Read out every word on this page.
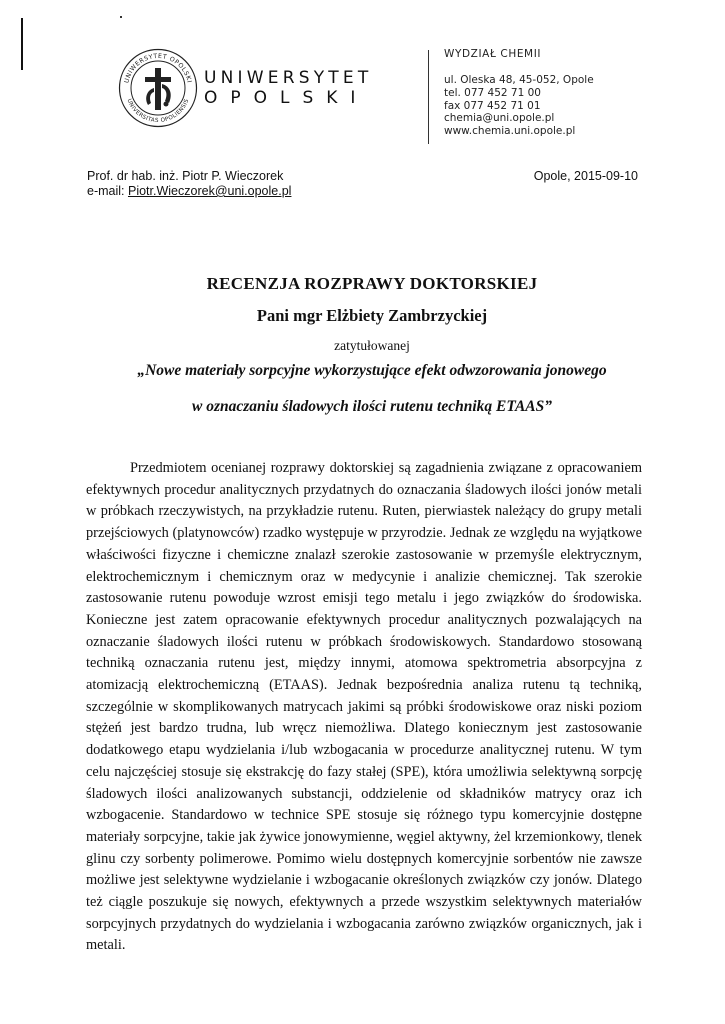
UNIWERSYTET OPOLSKI
UNIVERSITAS OPOLIENSIS
UNIWERSYTET
OPOLSKI
WYDZIAŁ CHEMII
ul. Oleska 48, 45-052, Opole
tel. 077 452 71 00
fax 077 452 71 01
chemia@uni.opole.pl
www.chemia.uni.opole.pl
Prof. dr hab. inż. Piotr P. Wieczorek
e-mail: Piotr.Wieczorek@uni.opole.pl
Opole, 2015-09-10
RECENZJA ROZPRAWY DOKTORSKIEJ
Pani mgr Elżbiety Zambrzyckiej
zatytułowanej
„Nowe materiały sorpcyjne wykorzystujące efekt odwzorowania jonowego
w oznaczaniu śladowych ilości rutenu techniką ETAAS”

Przedmiotem ocenianej rozprawy doktorskiej są zagadnienia związane z opracowaniem efektywnych procedur analitycznych przydatnych do oznaczania śladowych ilości jonów metali w próbkach rzeczywistych, na przykładzie rutenu. Ruten, pierwiastek należący do grupy metali przejściowych (platynowców) rzadko występuje w przyrodzie. Jednak ze względu na wyjątkowe właściwości fizyczne i chemiczne znalazł szerokie zastosowanie w przemyśle elektrycznym, elektrochemicznym i chemicznym oraz w medycynie i analizie chemicznej. Tak szerokie zastosowanie rutenu powoduje wzrost emisji tego metalu i jego związków do środowiska. Konieczne jest zatem opracowanie efektywnych procedur analitycznych pozwalających na oznaczanie śladowych ilości rutenu w próbkach środowiskowych. Standardowo stosowaną techniką oznaczania rutenu jest, między innymi, atomowa spektrometria absorpcyjna z atomizacją elektrochemiczną (ETAAS). Jednak bezpośrednia analiza rutenu tą techniką, szczególnie w skomplikowanych matrycach jakimi są próbki środowiskowe oraz niski poziom stężeń jest bardzo trudna, lub wręcz niemożliwa. Dlatego koniecznym jest zastosowanie dodatkowego etapu wydzielania i/lub wzbogacania w procedurze analitycznej rutenu. W tym celu najczęściej stosuje się ekstrakcję do fazy stałej (SPE), która umożliwia selektywną sorpcję śladowych ilości analizowanych substancji, oddzielenie od składników matrycy oraz ich wzbogacenie. Standardowo w technice SPE stosuje się różnego typu komercyjnie dostępne materiały sorpcyjne, takie jak żywice jonowymienne, węgiel aktywny, żel krzemionkowy, tlenek glinu czy sorbenty polimerowe. Pomimo wielu dostępnych komercyjnie sorbentów nie zawsze możliwe jest selektywne wydzielanie i wzbogacanie określonych związków czy jonów. Dlatego też ciągle poszukuje się nowych, efektywnych a przede wszystkim selektywnych materiałów sorpcyjnych przydatnych do wydzielania i wzbogacania zarówno związków organicznych, jak i metali.
